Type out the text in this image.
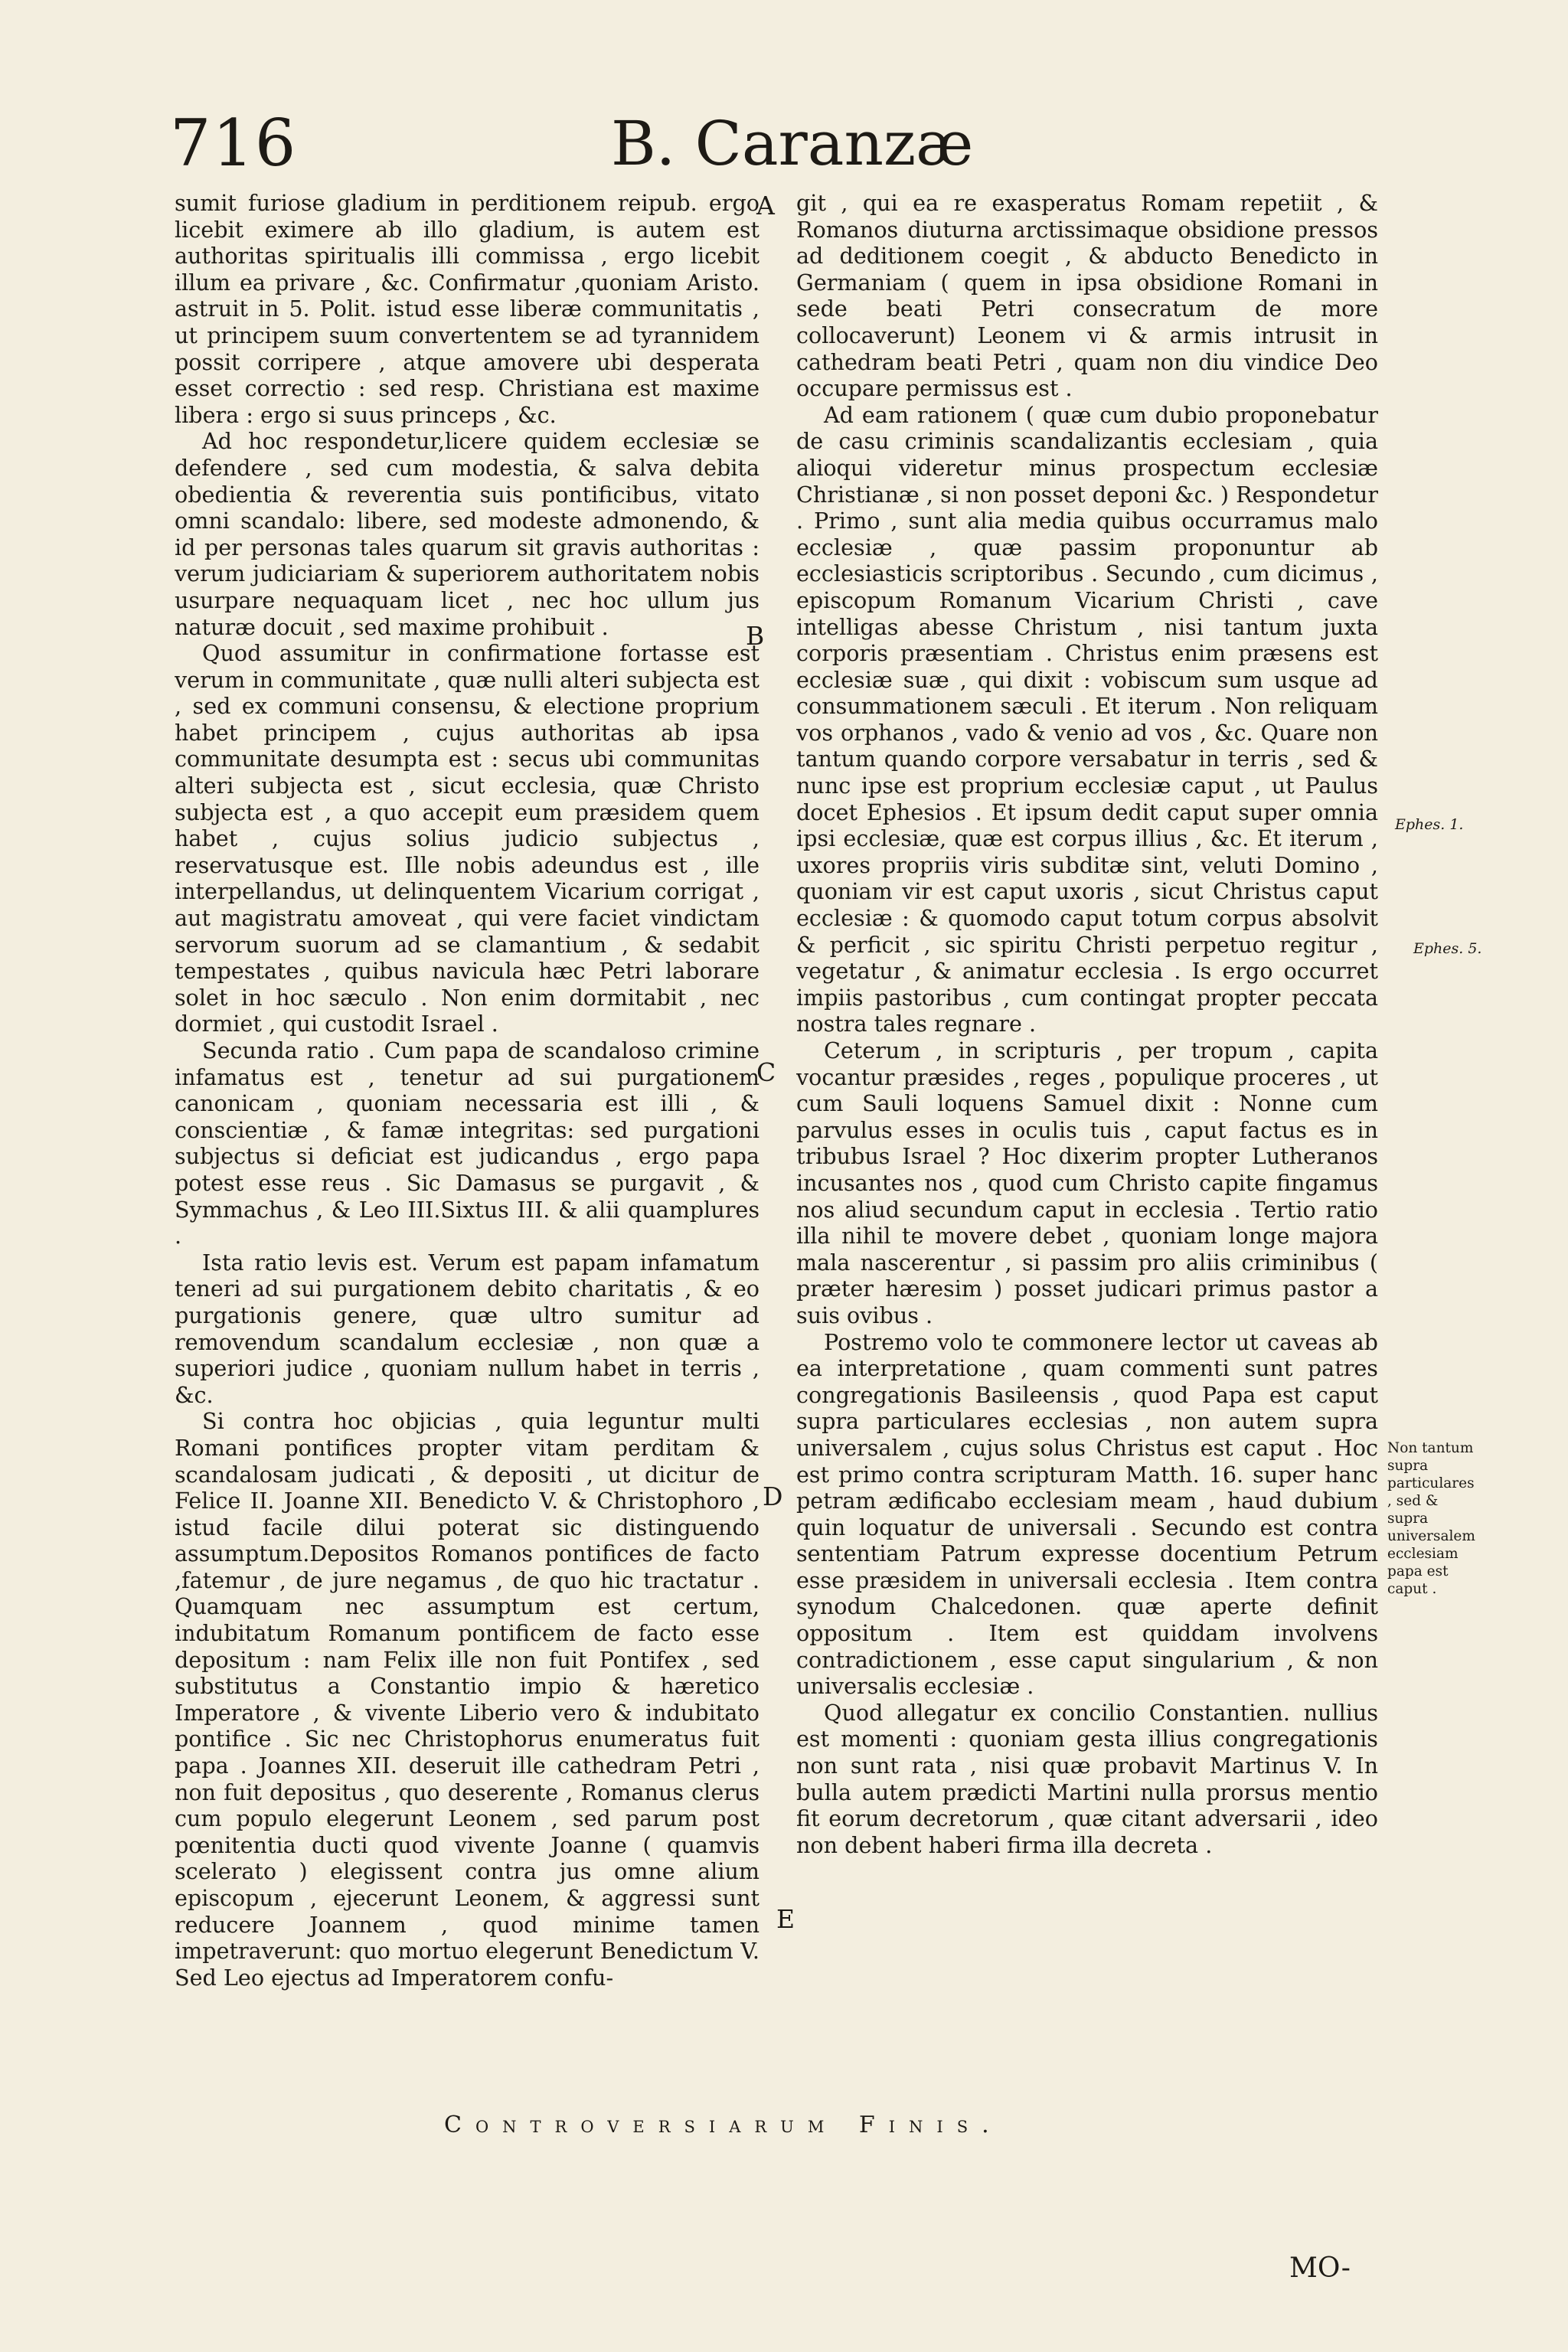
716	B. Caranzæ

sumit furiose gladium in perditionem reipub. ergo licebit eximere ab illo gladium, is autem est authoritas spiritualis illi commissa , ergo licebit illum ea privare , &c. Confirmatur ,quoniam Aristo. astruit in 5. Polit. istud esse liberæ communitatis , ut principem suum convertentem se ad tyrannidem possit corripere , atque amovere ubi desperata esset correctio : sed resp. Christiana est maxime libera : ergo si suus princeps , &c.

Ad hoc respondetur,licere quidem ecclesiæ se defendere , sed cum modestia, & salva debita obedientia & reverentia suis pontificibus, vitato omni scandalo: libere, sed modeste admonendo, & id per personas tales quarum sit gravis authoritas : verum judiciariam & superiorem authoritatem nobis usurpare nequaquam licet , nec hoc ullum jus naturæ docuit , sed maxime prohibuit .

Quod assumitur in confirmatione fortasse est verum in communitate , quæ nulli alteri subjecta est , sed ex communi consensu, & electione proprium habet principem , cujus authoritas ab ipsa communitate desumpta est : secus ubi communitas alteri subjecta est , sicut ecclesia, quæ Christo subjecta est , a quo accepit eum præsidem quem habet , cujus solius judicio subjectus , reservatusque est. Ille nobis adeundus est , ille interpellandus, ut delinquentem Vicarium corrigat , aut magistratu amoveat , qui vere faciet vindictam servorum suorum ad se clamantium , & sedabit tempestates , quibus navicula hæc Petri laborare solet in hoc sæculo . Non enim dormitabit , nec dormiet , qui custodit Israel .

Secunda ratio . Cum papa de scandaloso crimine infamatus est , tenetur ad sui purgationem canonicam , quoniam necessaria est illi , & conscientiæ , & famæ integritas: sed purgationi subjectus si deficiat est judicandus , ergo papa potest esse reus . Sic Damasus se purgavit , & Symmachus , & Leo III.Sixtus III. & alii quamplures .

Ista ratio levis est. Verum est papam infamatum teneri ad sui purgationem debito charitatis , & eo purgationis genere, quæ ultro sumitur ad removendum scandalum ecclesiæ , non quæ a superiori judice , quoniam nullum habet in terris , &c.

Si contra hoc objicias , quia leguntur multi Romani pontifices propter vitam perditam & scandalosam judicati , & depositi , ut dicitur de Felice II. Joanne XII. Benedicto V. & Christophoro , istud facile dilui poterat sic distinguendo assumptum.Depositos Romanos pontifices de facto ,fatemur , de jure negamus , de quo hic tractatur . Quamquam nec assumptum est certum, indubitatum Romanum pontificem de facto esse depositum : nam Felix ille non fuit Pontifex , sed substitutus a Constantio impio & hæretico Imperatore , & vivente Liberio vero & indubitato pontifice . Sic nec Christophorus enumeratus fuit papa . Joannes XII. deseruit ille cathedram Petri , non fuit depositus , quo deserente , Romanus clerus cum populo elegerunt Leonem , sed parum post pœnitentia ducti quod vivente Joanne ( quamvis scelerato ) elegissent contra jus omne alium episcopum , ejecerunt Leonem, & aggressi sunt reducere Joannem , quod minime tamen impetraverunt: quo mortuo elegerunt Benedictum V. Sed Leo ejectus ad Imperatorem confu-

A
B
C
D
E

git , qui ea re exasperatus Romam repetiit , & Romanos diuturna arctissimaque obsidione pressos ad deditionem coegit , & abducto Benedicto in Germaniam ( quem in ipsa obsidione Romani in sede beati Petri consecratum de more collocaverunt) Leonem vi & armis intrusit in cathedram beati Petri , quam non diu vindice Deo occupare permissus est .

Ad eam rationem ( quæ cum dubio proponebatur de casu criminis scandalizantis ecclesiam , quia alioqui videretur minus prospectum ecclesiæ Christianæ , si non posset deponi &c. ) Respondetur . Primo , sunt alia media quibus occurramus malo ecclesiæ , quæ passim proponuntur ab ecclesiasticis scriptoribus . Secundo , cum dicimus , episcopum Romanum Vicarium Christi , cave intelligas abesse Christum , nisi tantum juxta corporis præsentiam . Christus enim præsens est ecclesiæ suæ , qui dixit : vobiscum sum usque ad consummationem sæculi . Et iterum . Non reliquam vos orphanos , vado & venio ad vos , &c. Quare non tantum quando corpore versabatur in terris , sed & nunc ipse est proprium ecclesiæ caput , ut Paulus docet Ephesios . Et ipsum dedit caput super omnia ipsi ecclesiæ, quæ est corpus illius , &c. Et iterum , uxores propriis viris subditæ sint, veluti Domino , quoniam vir est caput uxoris , sicut Christus caput ecclesiæ : & quomodo caput totum corpus absolvit & perficit , sic spiritu Christi perpetuo regitur , vegetatur , & animatur ecclesia . Is ergo occurret impiis pastoribus , cum contingat propter peccata nostra tales regnare .

Ceterum , in scripturis , per tropum , capita vocantur præsides , reges , populique proceres , ut cum Sauli loquens Samuel dixit : Nonne cum parvulus esses in oculis tuis , caput factus es in tribubus Israel ? Hoc dixerim propter Lutheranos incusantes nos , quod cum Christo capite fingamus nos aliud secundum caput in ecclesia . Tertio ratio illa nihil te movere debet , quoniam longe majora mala nascerentur , si passim pro aliis criminibus ( præter hæresim ) posset judicari primus pastor a suis ovibus .

Postremo volo te commonere lector ut caveas ab ea interpretatione , quam commenti sunt patres congregationis Basileensis , quod Papa est caput supra particulares ecclesias , non autem supra universalem , cujus solus Christus est caput . Hoc est primo contra scripturam Matth. 16. super hanc petram ædificabo ecclesiam meam , haud dubium quin loquatur de universali . Secundo est contra sententiam Patrum expresse docentium Petrum esse præsidem in universali ecclesia . Item contra synodum Chalcedonen. quæ aperte definit oppositum . Item est quiddam involvens contradictionem , esse caput singularium , & non universalis ecclesiæ .

Quod allegatur ex concilio Constantien. nullius est momenti : quoniam gesta illius congregationis non sunt rata , nisi quæ probavit Martinus V. In bulla autem prædicti Martini nulla prorsus mentio fit eorum decretorum , quæ citant adversarii , ideo non debent haberi firma illa decreta .

Ephes. 1.
Ephes. 5.
Non tantum supra particulares , sed & supra universalem ecclesiam papa est caput .
Controversiarum Finis.
MO-
